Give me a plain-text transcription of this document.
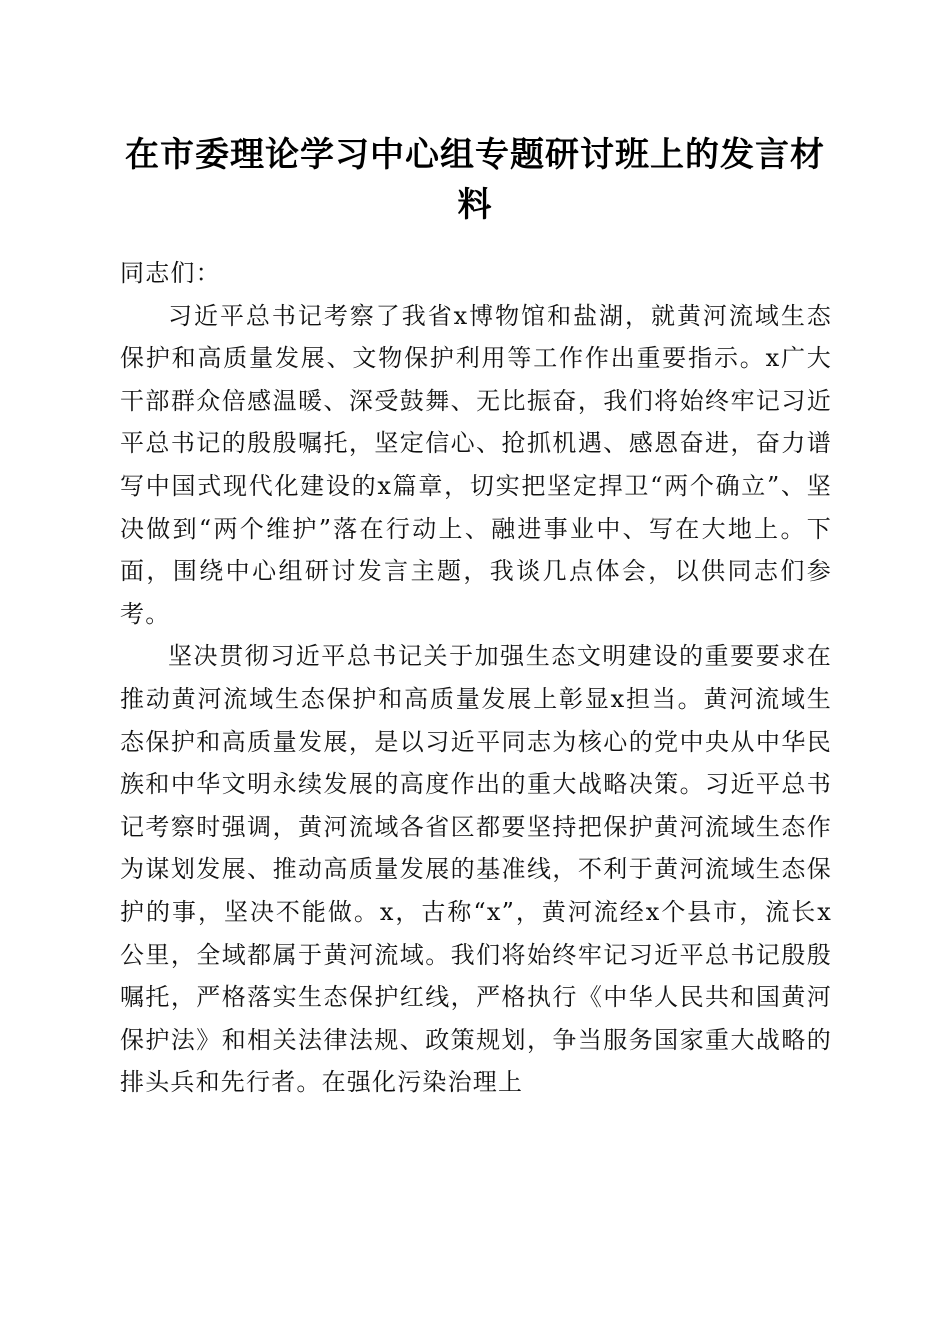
在市委理论学习中心组专题研讨班上的发言材料

同志们：

习近平总书记考察了我省x博物馆和盐湖，就黄河流域生态保护和高质量发展、文物保护利用等工作作出重要指示。x广大干部群众倍感温暖、深受鼓舞、无比振奋，我们将始终牢记习近平总书记的殷殷嘱托，坚定信心、抢抓机遇、感恩奋进，奋力谱写中国式现代化建设的x篇章，切实把坚定捍卫“两个确立”、坚决做到“两个维护”落在行动上、融进事业中、写在大地上。下面，围绕中心组研讨发言主题，我谈几点体会，以供同志们参考。

坚决贯彻习近平总书记关于加强生态文明建设的重要要求在推动黄河流域生态保护和高质量发展上彰显x担当。黄河流域生态保护和高质量发展，是以习近平同志为核心的党中央从中华民族和中华文明永续发展的高度作出的重大战略决策。习近平总书记考察时强调，黄河流域各省区都要坚持把保护黄河流域生态作为谋划发展、推动高质量发展的基准线，不利于黄河流域生态保护的事，坚决不能做。x，古称“x”，黄河流经x个县市，流长x公里，全域都属于黄河流域。我们将始终牢记习近平总书记殷殷嘱托，严格落实生态保护红线，严格执行《中华人民共和国黄河保护法》和相关法律法规、政策规划，争当服务国家重大战略的排头兵和先行者。在强化污染治理上
